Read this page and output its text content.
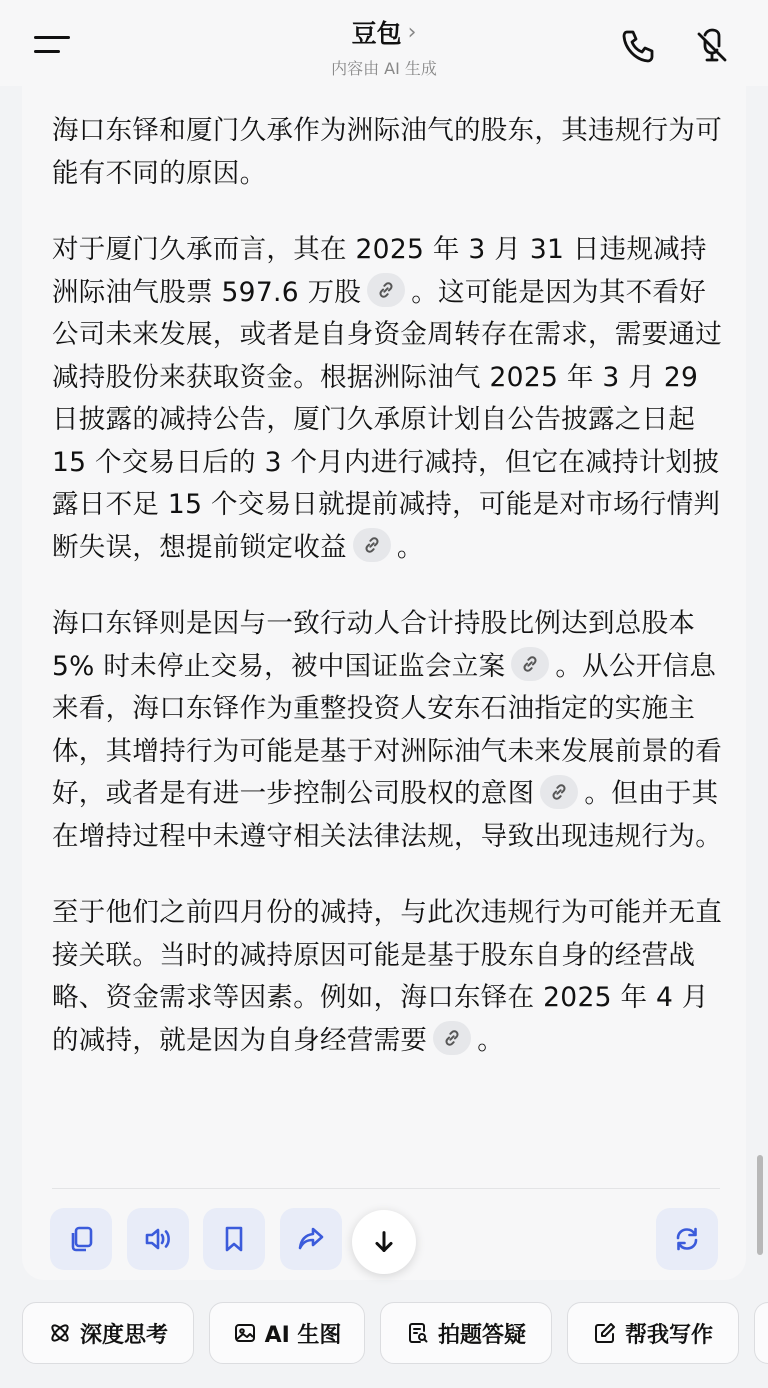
豆包 ›
内容由 AI 生成

海口东铎和厦门久承作为洲际油气的股东，其违规行为可能有不同的原因。

对于厦门久承而言，其在 2025 年 3 月 31 日违规减持洲际油气股票 597.6 万股 。这可能是因为其不看好公司未来发展，或者是自身资金周转存在需求，需要通过减持股份来获取资金。根据洲际油气 2025 年 3 月 29 日披露的减持公告，厦门久承原计划自公告披露之日起 15 个交易日后的 3 个月内进行减持，但它在减持计划披露日不足 15 个交易日就提前减持，可能是对市场行情判断失误，想提前锁定收益 。

海口东铎则是因与一致行动人合计持股比例达到总股本 5% 时未停止交易，被中国证监会立案 。从公开信息来看，海口东铎作为重整投资人安东石油指定的实施主体，其增持行为可能是基于对洲际油气未来发展前景的看好，或者是有进一步控制公司股权的意图 。但由于其在增持过程中未遵守相关法律法规，导致出现违规行为。

至于他们之前四月份的减持，与此次违规行为可能并无直接关联。当时的减持原因可能是基于股东自身的经营战略、资金需求等因素。例如，海口东铎在 2025 年 4 月的减持，就是因为自身经营需要 。

深度思考	AI 生图	拍题答疑	帮我写作
